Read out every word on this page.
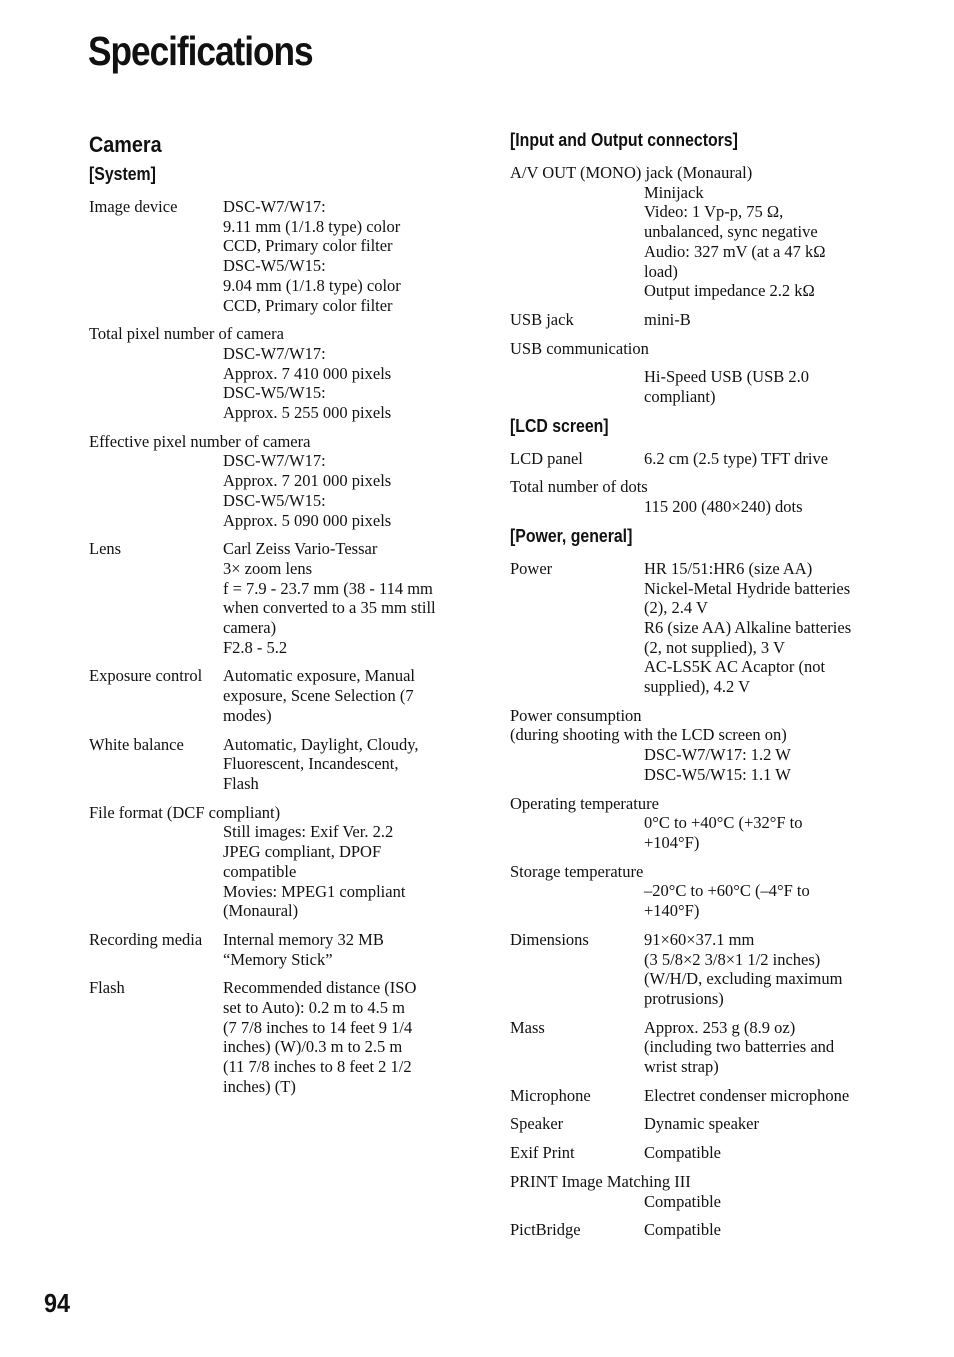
Specifications
Camera
[System]
Image device	DSC-W7/W17:
9.11 mm (1/1.8 type) color
CCD, Primary color filter
DSC-W5/W15:
9.04 mm (1/1.8 type) color
CCD, Primary color filter
Total pixel number of camera
DSC-W7/W17:
Approx. 7 410 000 pixels
DSC-W5/W15:
Approx. 5 255 000 pixels
Effective pixel number of camera
DSC-W7/W17:
Approx. 7 201 000 pixels
DSC-W5/W15:
Approx. 5 090 000 pixels
Lens	Carl Zeiss Vario-Tessar
3× zoom lens
f = 7.9 - 23.7 mm (38 - 114 mm
when converted to a 35 mm still
camera)
F2.8 - 5.2
Exposure control	Automatic exposure, Manual
exposure, Scene Selection (7
modes)
White balance	Automatic, Daylight, Cloudy,
Fluorescent, Incandescent,
Flash
File format (DCF compliant)
Still images: Exif Ver. 2.2
JPEG compliant, DPOF
compatible
Movies: MPEG1 compliant
(Monaural)
Recording media	Internal memory 32 MB
“Memory Stick”
Flash	Recommended distance (ISO
set to Auto): 0.2 m to 4.5 m
(7 7/8 inches to 14 feet 9 1/4
inches) (W)/0.3 m to 2.5 m
(11 7/8 inches to 8 feet 2 1/2
inches) (T)
[Input and Output connectors]
A/V OUT (MONO) jack (Monaural)
Minijack
Video: 1 Vp-p, 75 Ω,
unbalanced, sync negative
Audio: 327 mV (at a 47 kΩ
load)
Output impedance 2.2 kΩ
USB jack	mini-B
USB communication
Hi-Speed USB (USB 2.0
compliant)
[LCD screen]
LCD panel	6.2 cm (2.5 type) TFT drive
Total number of dots
115 200 (480×240) dots
[Power, general]
Power	HR 15/51:HR6 (size AA)
Nickel-Metal Hydride batteries
(2), 2.4 V
R6 (size AA) Alkaline batteries
(2, not supplied), 3 V
AC-LS5K AC Acaptor (not
supplied), 4.2 V
Power consumption
(during shooting with the LCD screen on)
DSC-W7/W17: 1.2 W
DSC-W5/W15: 1.1 W
Operating temperature
0°C to +40°C (+32°F to
+104°F)
Storage temperature
–20°C to +60°C (–4°F to
+140°F)
Dimensions	91×60×37.1 mm
(3 5/8×2 3/8×1 1/2 inches)
(W/H/D, excluding maximum
protrusions)
Mass	Approx. 253 g (8.9 oz)
(including two batterries and
wrist strap)
Microphone	Electret condenser microphone
Speaker	Dynamic speaker
Exif Print	Compatible
PRINT Image Matching III
Compatible
PictBridge	Compatible
94
